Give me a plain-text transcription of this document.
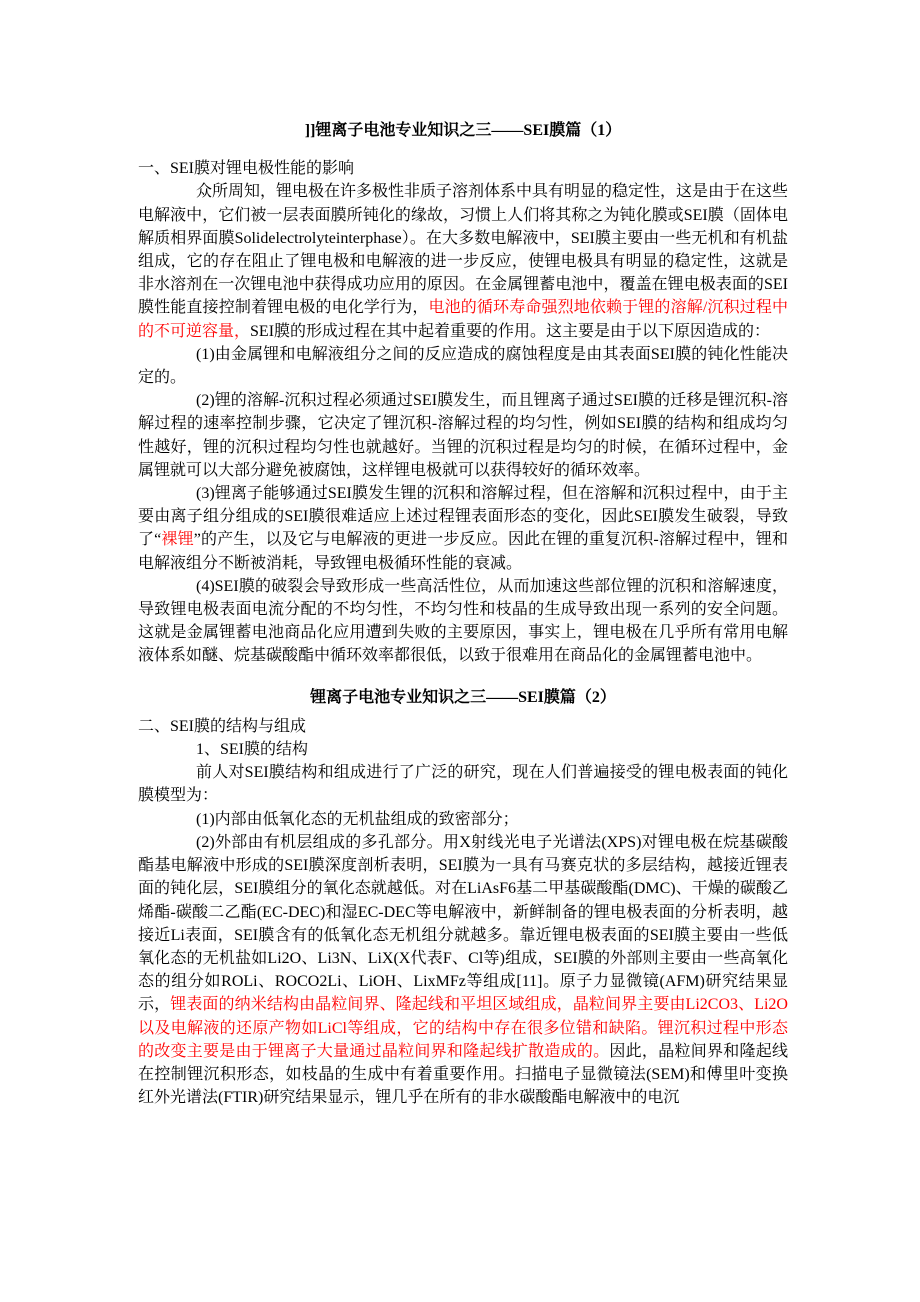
]]锂离子电池专业知识之三——SEI膜篇（1）

一、SEI膜对锂电极性能的影响

众所周知，锂电极在许多极性非质子溶剂体系中具有明显的稳定性，这是由于在这些电解液中，它们被一层表面膜所钝化的缘故，习惯上人们将其称之为钝化膜或SEI膜（固体电解质相界面膜Solidelectrolyteinterphase）。在大多数电解液中，SEI膜主要由一些无机和有机盐组成，它的存在阻止了锂电极和电解液的进一步反应，使锂电极具有明显的稳定性，这就是非水溶剂在一次锂电池中获得成功应用的原因。在金属锂蓄电池中，覆盖在锂电极表面的SEI膜性能直接控制着锂电极的电化学行为，电池的循环寿命强烈地依赖于锂的溶解/沉积过程中的不可逆容量，SEI膜的形成过程在其中起着重要的作用。这主要是由于以下原因造成的：

(1)由金属锂和电解液组分之间的反应造成的腐蚀程度是由其表面SEI膜的钝化性能决定的。

(2)锂的溶解-沉积过程必须通过SEI膜发生，而且锂离子通过SEI膜的迁移是锂沉积-溶解过程的速率控制步骤，它决定了锂沉积-溶解过程的均匀性，例如SEI膜的结构和组成均匀性越好，锂的沉积过程均匀性也就越好。当锂的沉积过程是均匀的时候，在循环过程中，金属锂就可以大部分避免被腐蚀，这样锂电极就可以获得较好的循环效率。

(3)锂离子能够通过SEI膜发生锂的沉积和溶解过程，但在溶解和沉积过程中，由于主要由离子组分组成的SEI膜很难适应上述过程锂表面形态的变化，因此SEI膜发生破裂，导致了“裸锂”的产生，以及它与电解液的更进一步反应。因此在锂的重复沉积-溶解过程中，锂和电解液组分不断被消耗，导致锂电极循环性能的衰减。

(4)SEI膜的破裂会导致形成一些高活性位，从而加速这些部位锂的沉积和溶解速度，导致锂电极表面电流分配的不均匀性，不均匀性和枝晶的生成导致出现一系列的安全问题。这就是金属锂蓄电池商品化应用遭到失败的主要原因，事实上，锂电极在几乎所有常用电解液体系如醚、烷基碳酸酯中循环效率都很低，以致于很难用在商品化的金属锂蓄电池中。

锂离子电池专业知识之三——SEI膜篇（2）

二、SEI膜的结构与组成

1、SEI膜的结构

前人对SEI膜结构和组成进行了广泛的研究，现在人们普遍接受的锂电极表面的钝化膜模型为：

(1)内部由低氧化态的无机盐组成的致密部分；

(2)外部由有机层组成的多孔部分。用X射线光电子光谱法(XPS)对锂电极在烷基碳酸酯基电解液中形成的SEI膜深度剖析表明，SEI膜为一具有马赛克状的多层结构，越接近锂表面的钝化层，SEI膜组分的氧化态就越低。对在LiAsF6基二甲基碳酸酯(DMC)、干燥的碳酸乙烯酯-碳酸二乙酯(EC-DEC)和湿EC-DEC等电解液中，新鲜制备的锂电极表面的分析表明，越接近Li表面，SEI膜含有的低氧化态无机组分就越多。靠近锂电极表面的SEI膜主要由一些低氧化态的无机盐如Li2O、Li3N、LiX(X代表F、Cl等)组成，SEI膜的外部则主要由一些高氧化态的组分如ROLi、ROCO2Li、LiOH、LixMFz等组成[11]。原子力显微镜(AFM)研究结果显示，锂表面的纳米结构由晶粒间界、隆起线和平坦区域组成，晶粒间界主要由Li2CO3、Li2O以及电解液的还原产物如LiCl等组成，它的结构中存在很多位错和缺陷。锂沉积过程中形态的改变主要是由于锂离子大量通过晶粒间界和隆起线扩散造成的。因此，晶粒间界和隆起线在控制锂沉积形态，如枝晶的生成中有着重要作用。扫描电子显微镜法(SEM)和傅里叶变换红外光谱法(FTIR)研究结果显示，锂几乎在所有的非水碳酸酯电解液中的电沉
